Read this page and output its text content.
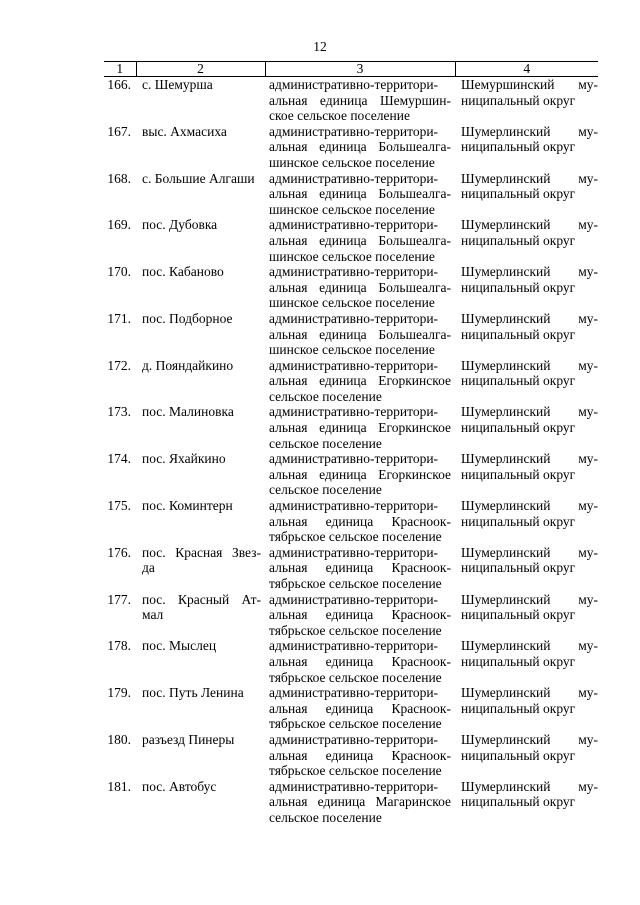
12
1	2	3	4
166.	с. Шемурша	административно-территори-альная единица Шемуршин-ское сельское поселение	Шемуршинский му-ниципальный округ
167.	выс. Ахмасиха	административно-территори-альная единица Большеалга-шинское сельское поселение	Шумерлинский му-ниципальный округ
168.	с. Большие Алгаши	административно-территори-альная единица Большеалга-шинское сельское поселение	Шумерлинский му-ниципальный округ
169.	пос. Дубовка	административно-территори-альная единица Большеалга-шинское сельское поселение	Шумерлинский му-ниципальный округ
170.	пос. Кабаново	административно-территори-альная единица Большеалга-шинское сельское поселение	Шумерлинский му-ниципальный округ
171.	пос. Подборное	административно-территори-альная единица Большеалга-шинское сельское поселение	Шумерлинский му-ниципальный округ
172.	д. Пояндайкино	административно-территори-альная единица Егоркинское сельское поселение	Шумерлинский му-ниципальный округ
173.	пос. Малиновка	административно-территори-альная единица Егоркинское сельское поселение	Шумерлинский му-ниципальный округ
174.	пос. Яхайкино	административно-территори-альная единица Егоркинское сельское поселение	Шумерлинский му-ниципальный округ
175.	пос. Коминтерн	административно-территори-альная единица Красноок-тябрьское сельское поселение	Шумерлинский му-ниципальный округ
176.	пос. Красная Звез-да	административно-территори-альная единица Красноок-тябрьское сельское поселение	Шумерлинский му-ниципальный округ
177.	пос. Красный Ат-мал	административно-территори-альная единица Красноок-тябрьское сельское поселение	Шумерлинский му-ниципальный округ
178.	пос. Мыслец	административно-территори-альная единица Красноок-тябрьское сельское поселение	Шумерлинский му-ниципальный округ
179.	пос. Путь Ленина	административно-территори-альная единица Красноок-тябрьское сельское поселение	Шумерлинский му-ниципальный округ
180.	разъезд Пинеры	административно-территори-альная единица Красноок-тябрьское сельское поселение	Шумерлинский му-ниципальный округ
181.	пос. Автобус	административно-территори-альная единица Магаринское сельское поселение	Шумерлинский му-ниципальный округ
